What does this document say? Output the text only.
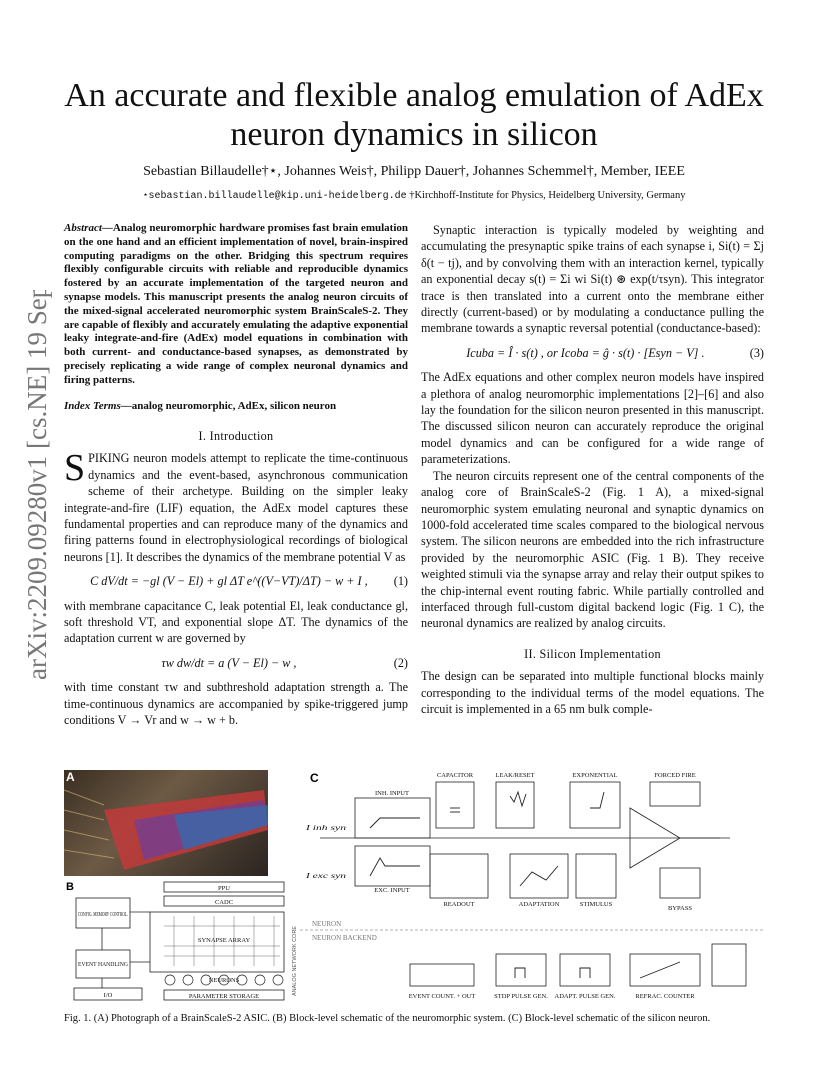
arXiv:2209.09280v1 [cs.NE] 19 Sep 2022
An accurate and flexible analog emulation of AdEx neuron dynamics in silicon
Sebastian Billaudelle†⋆, Johannes Weis†, Philipp Dauer†, Johannes Schemmel†, Member, IEEE
⋆sebastian.billaudelle@kip.uni-heidelberg.de †Kirchhoff-Institute for Physics, Heidelberg University, Germany
Abstract—Analog neuromorphic hardware promises fast brain emulation on the one hand and an efficient implementation of novel, brain-inspired computing paradigms on the other. Bridging this spectrum requires flexibly configurable circuits with reliable and reproducible dynamics fostered by an accurate implementation of the targeted neuron and synapse models. This manuscript presents the analog neuron circuits of the mixed-signal accelerated neuromorphic system BrainScaleS-2. They are capable of flexibly and accurately emulating the adaptive exponential leaky integrate-and-fire (AdEx) model equations in combination with both current- and conductance-based synapses, as demonstrated by precisely replicating a wide range of complex neuronal dynamics and firing patterns.
Index Terms—analog neuromorphic, AdEx, silicon neuron
I. Introduction

SPIKING neuron models attempt to replicate the time-continuous dynamics and the event-based, asynchronous communication scheme of their archetype. Building on the simpler leaky integrate-and-fire (LIF) equation, the AdEx model captures these fundamental properties and can reproduce many of the dynamics and firing patterns found in electrophysiological recordings of biological neurons [1]. It describes the dynamics of the membrane potential V as

C dV/dt = −gl (V − El) + gl ΔT e^((V−VT)/ΔT) − w + I ,	(1)

with membrane capacitance C, leak potential El, leak conductance gl, soft threshold VT, and exponential slope ΔT. The dynamics of the adaptation current w are governed by

τw dw/dt = a (V − El) − w ,	(2)

with time constant τw and subthreshold adaptation strength a. The time-continuous dynamics are accompanied by spike-triggered jump conditions V → Vr and w → w + b.

Synaptic interaction is typically modeled by weighting and accumulating the presynaptic spike trains of each synapse i, Si(t) = Σj δ(t − tj), and by convolving them with an interaction kernel, typically an exponential decay s(t) = Σi wi Si(t) ⊛ exp(t/τsyn). This integrator trace is then translated into a current onto the membrane either directly (current-based) or by modulating a conductance pulling the membrane towards a synaptic reversal potential (conductance-based):

Icuba = Î · s(t) , or Icoba = ĝ · s(t) · [Esyn − V] .	(3)

The AdEx equations and other complex neuron models have inspired a plethora of analog neuromorphic implementations [2]–[6] and also lay the foundation for the silicon neuron presented in this manuscript. The discussed silicon neuron can accurately reproduce the original model dynamics and can be configured for a wide range of parameterizations.

The neuron circuits represent one of the central components of the analog core of BrainScaleS-2 (Fig. 1 A), a mixed-signal neuromorphic system emulating neuronal and synaptic dynamics on 1000-fold accelerated time scales compared to the biological nervous system. The silicon neurons are embedded into the rich infrastructure provided by the neuromorphic ASIC (Fig. 1 B). They receive weighted stimuli via the synapse array and relay their output spikes to the chip-internal event routing fabric. While partially controlled and interfaced through full-custom digital backend logic (Fig. 1 C), the neuronal dynamics are realized by analog circuits.

II. Silicon Implementation

The design can be separated into multiple functional blocks mainly corresponding to the individual terms of the model equations. The circuit is implemented in a 65 nm bulk comple-

A
B	PPU
CADC
CONFIG. MEMORY CONTROL.
SYNAPSE ARRAY
EVENT HANDLING
NEURONS
PARAMETER STORAGE
I/O	ANALOG NETWORK CORE
C	CAPACITOR	LEAK/RESET	EXPONENTIAL	FORCED FIRE
INH. INPUT
EXC. INPUT
READOUT	ADAPTATION	STIMULUS
BYPASS
EVENT COUNT. + OUT	STDP PULSE GEN. ADAPT. PULSE GEN.	REFRAC. COUNTER
NEURON
NEURON BACKEND
I inh syn
I exc syn
Fig. 1. (A) Photograph of a BrainScaleS-2 ASIC. (B) Block-level schematic of the neuromorphic system. (C) Block-level schematic of the silicon neuron.
